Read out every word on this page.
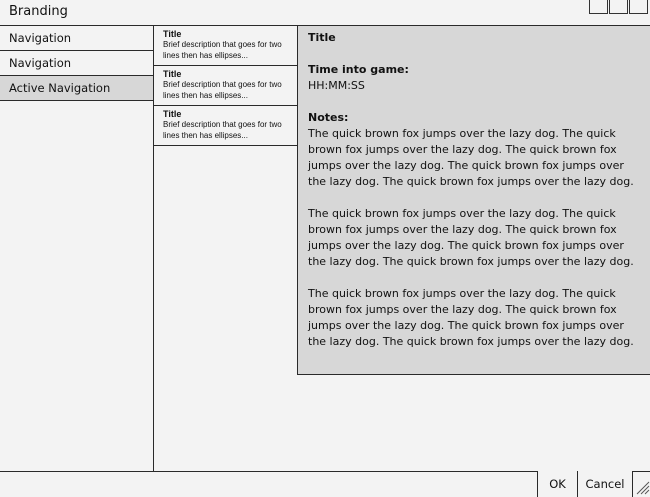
Branding
Navigation
Navigation
Active Navigation
Title
Brief description that goes for two lines then has ellipses...
Title
Brief description that goes for two lines then has ellipses...
Title
Brief description that goes for two lines then has ellipses...
Title
Time into game:
HH:MM:SS
Notes:
The quick brown fox jumps over the lazy dog. The quick brown fox jumps over the lazy dog. The quick brown fox jumps over the lazy dog. The quick brown fox jumps over the lazy dog. The quick brown fox jumps over the lazy dog.
The quick brown fox jumps over the lazy dog. The quick brown fox jumps over the lazy dog. The quick brown fox jumps over the lazy dog. The quick brown fox jumps over the lazy dog. The quick brown fox jumps over the lazy dog.
The quick brown fox jumps over the lazy dog. The quick brown fox jumps over the lazy dog. The quick brown fox jumps over the lazy dog. The quick brown fox jumps over the lazy dog. The quick brown fox jumps over the lazy dog.
OK	Cancel
